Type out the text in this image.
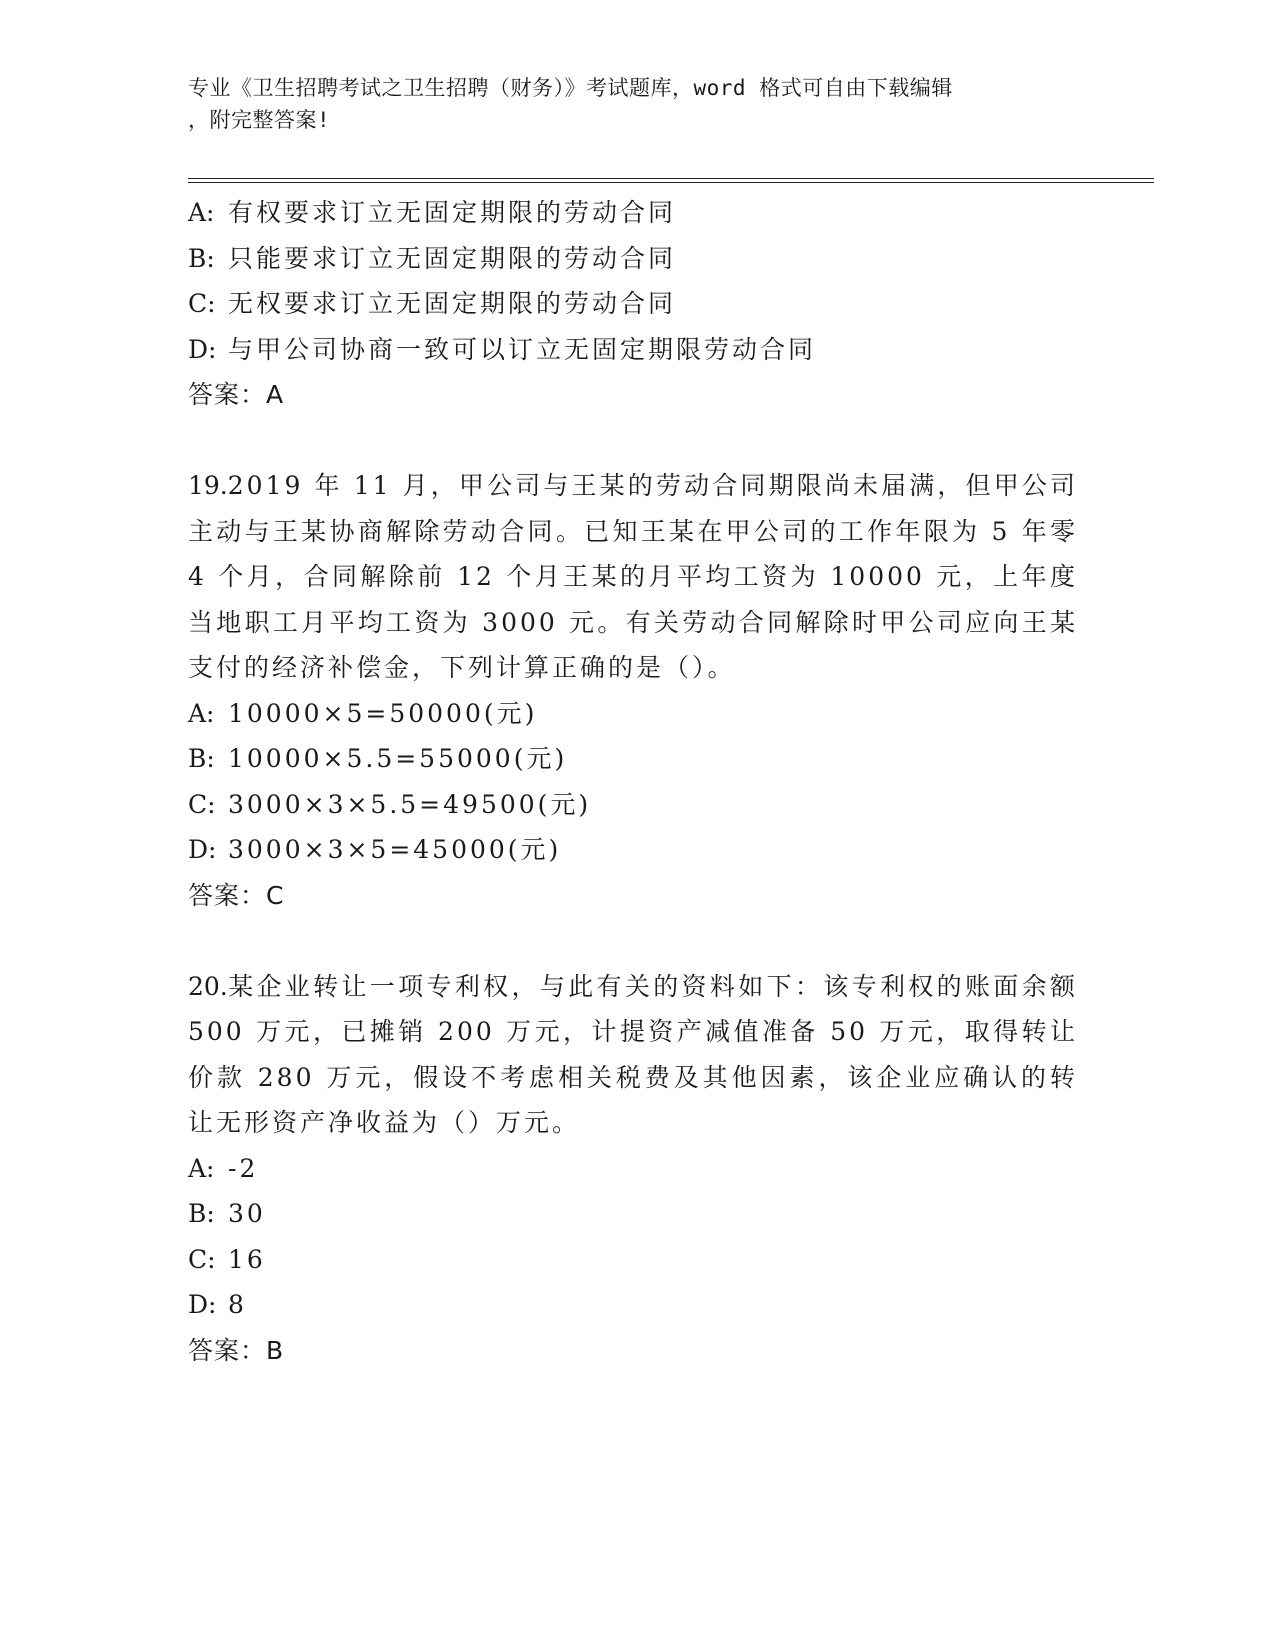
专业《卫生招聘考试之卫生招聘（财务）》考试题库，word 格式可自由下载编辑
，附完整答案!
A: 有权要求订立无固定期限的劳动合同
B: 只能要求订立无固定期限的劳动合同
C: 无权要求订立无固定期限的劳动合同
D: 与甲公司协商一致可以订立无固定期限劳动合同
答案：A
19.2019 年 11 月，甲公司与王某的劳动合同期限尚未届满，但甲公司主动与王某协商解除劳动合同。已知王某在甲公司的工作年限为 5 年零 4 个月，合同解除前 12 个月王某的月平均工资为 10000 元，上年度当地职工月平均工资为 3000 元。有关劳动合同解除时甲公司应向王某支付的经济补偿金，下列计算正确的是（）。
A: 10000×5=50000(元)
B: 10000×5.5=55000(元)
C: 3000×3×5.5=49500(元)
D: 3000×3×5=45000(元)
答案：C
20.某企业转让一项专利权，与此有关的资料如下：该专利权的账面余额 500 万元，已摊销 200 万元，计提资产减值准备 50 万元，取得转让价款 280 万元，假设不考虑相关税费及其他因素，该企业应确认的转让无形资产净收益为（）万元。
A: -2
B: 30
C: 16
D: 8
答案：B
